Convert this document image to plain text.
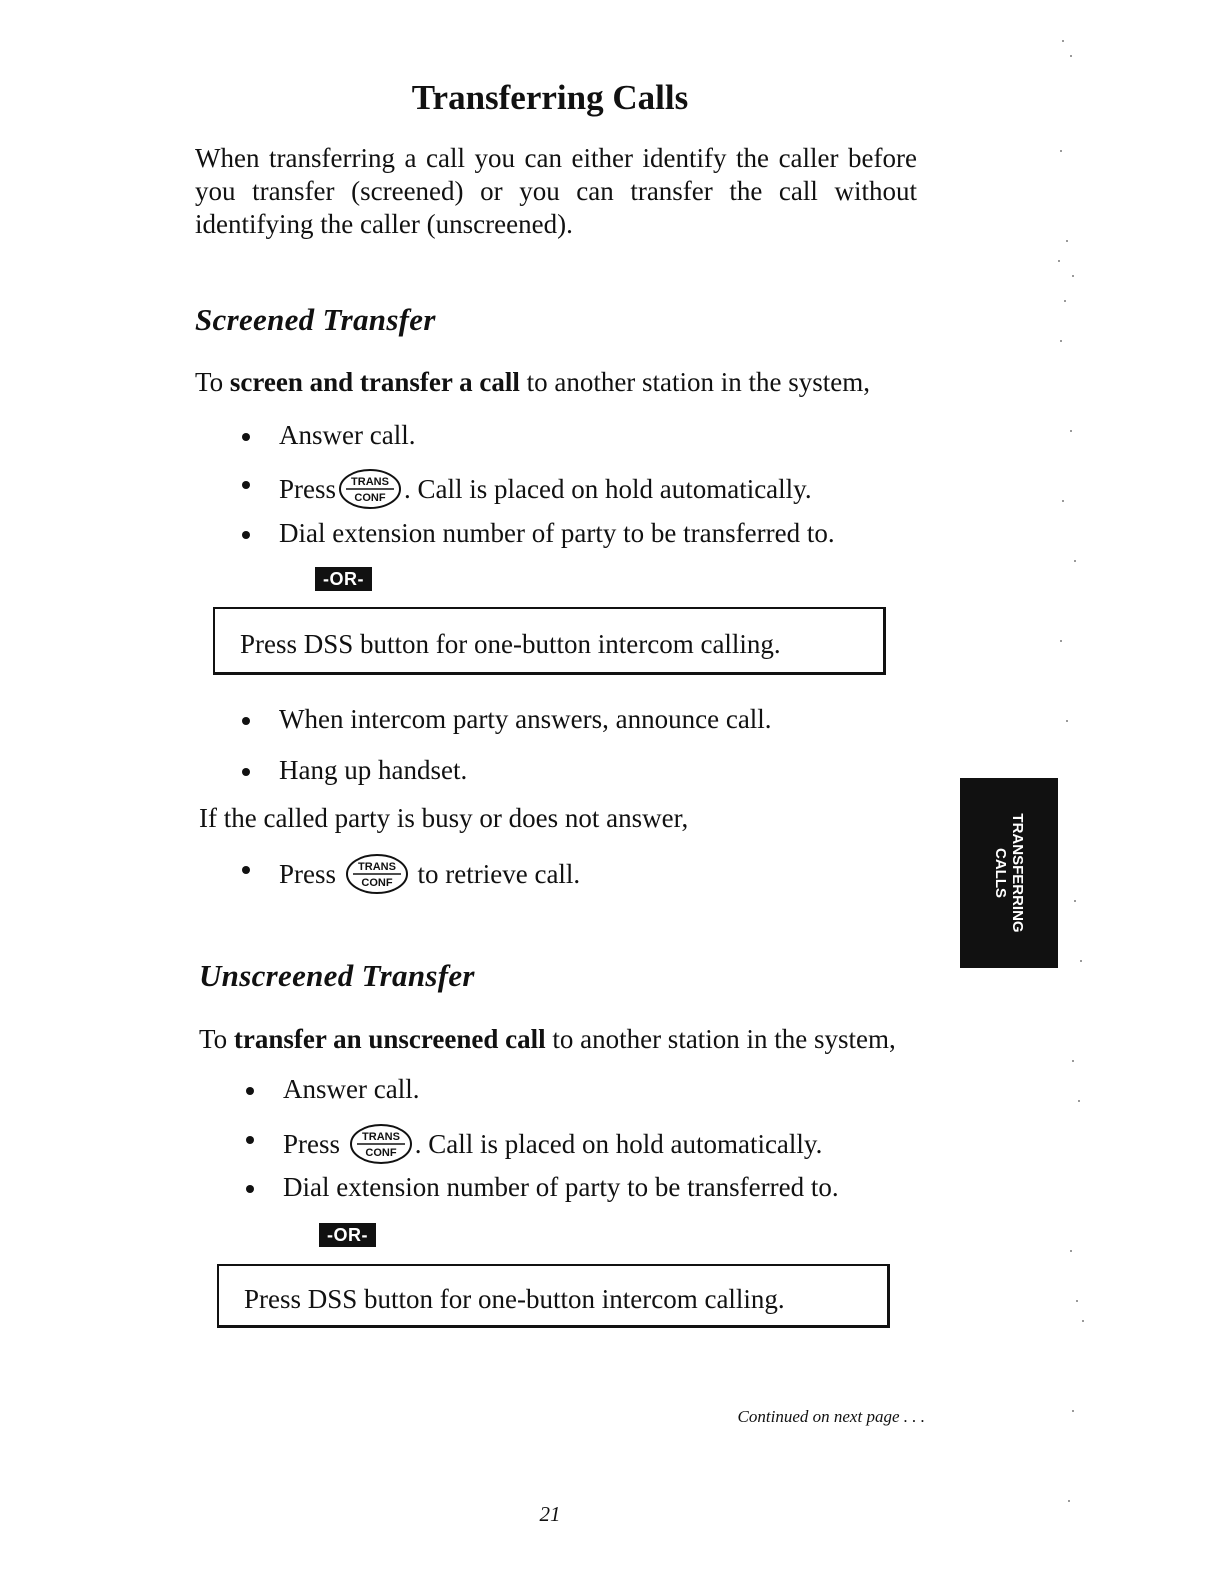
Transferring Calls
When transferring a call you can either identify the caller before
you transfer (screened) or you can transfer the call without
identifying the caller (unscreened).
Screened Transfer
To screen and transfer a call to another station in the system,
Answer call.
Press TRANS
CONF . Call is placed on hold automatically.
Dial extension number of party to be transferred to.
-OR-
Press DSS button for one-button intercom calling.
When intercom party answers, announce call.
Hang up handset.
If the called party is busy or does not answer,
Press TRANS
CONF to retrieve call.
Unscreened Transfer
To transfer an unscreened call to another station in the system,
Answer call.
Press TRANS
CONF . Call is placed on hold automatically.
Dial extension number of party to be transferred to.
-OR-
Press DSS button for one-button intercom calling.
TRANSFERRING
CALLS
Continued on next page . . .
21
